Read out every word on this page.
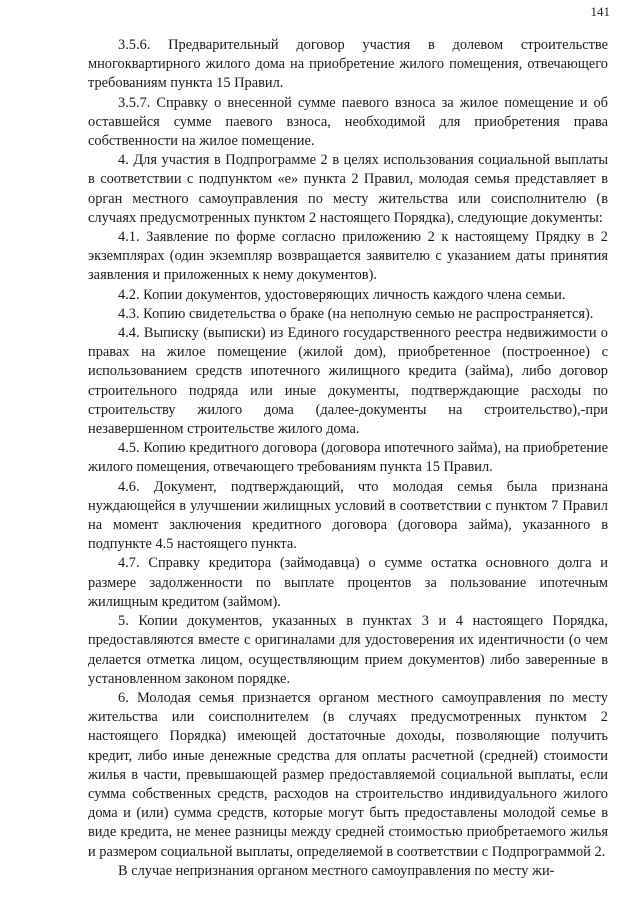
141

3.5.6. Предварительный договор участия в долевом строительстве многоквартирного жилого дома на приобретение жилого помещения, отвечающего требованиям пункта 15 Правил.

3.5.7. Справку о внесенной сумме паевого взноса за жилое помещение и об оставшейся сумме паевого взноса, необходимой для приобретения права собственности на жилое помещение.

4. Для участия в Подпрограмме 2 в целях использования социальной выплаты в соответствии с подпунктом «е» пункта 2 Правил, молодая семья представляет в орган местного самоуправления по месту жительства или соисполнителю (в случаях предусмотренных пунктом 2 настоящего Порядка), следующие документы:

4.1. Заявление по форме согласно приложению 2 к настоящему Прядку в 2 экземплярах (один экземпляр возвращается заявителю с указанием даты принятия заявления и приложенных к нему документов).

4.2. Копии документов, удостоверяющих личность каждого члена семьи.

4.3. Копию свидетельства о браке (на неполную семью не распространяется).

4.4. Выписку (выписки) из Единого государственного реестра недвижимости о правах на жилое помещение (жилой дом), приобретенное (построенное) с использованием средств ипотечного жилищного кредита (займа), либо договор строительного подряда или иные документы, подтверждающие расходы по строительству жилого дома (далее-документы на строительство),-при незавершенном строительстве жилого дома.

4.5. Копию кредитного договора (договора ипотечного займа), на приобретение жилого помещения, отвечающего требованиям пункта 15 Правил.

4.6. Документ, подтверждающий, что молодая семья была признана нуждающейся в улучшении жилищных условий в соответствии с пунктом 7 Правил на момент заключения кредитного договора (договора займа), указанного в подпункте 4.5 настоящего пункта.

4.7. Справку кредитора (займодавца) о сумме остатка основного долга и размере задолженности по выплате процентов за пользование ипотечным жилищным кредитом (займом).

5. Копии документов, указанных в пунктах 3 и 4 настоящего Порядка, предоставляются вместе с оригиналами для удостоверения их идентичности (о чем делается отметка лицом, осуществляющим прием документов) либо заверенные в установленном законом порядке.

6. Молодая семья признается органом местного самоуправления по месту жительства или соисполнителем (в случаях предусмотренных пунктом 2 настоящего Порядка) имеющей достаточные доходы, позволяющие получить кредит, либо иные денежные средства для оплаты расчетной (средней) стоимости жилья в части, превышающей размер предоставляемой социальной выплаты, если сумма собственных средств, расходов на строительство индивидуального жилого дома и (или) сумма средств, которые могут быть предоставлены молодой семье в виде кредита, не менее разницы между средней стоимостью приобретаемого жилья и размером социальной выплаты, определяемой в соответствии с Подпрограммой 2.

В случае непризнания органом местного самоуправления по месту жи-
